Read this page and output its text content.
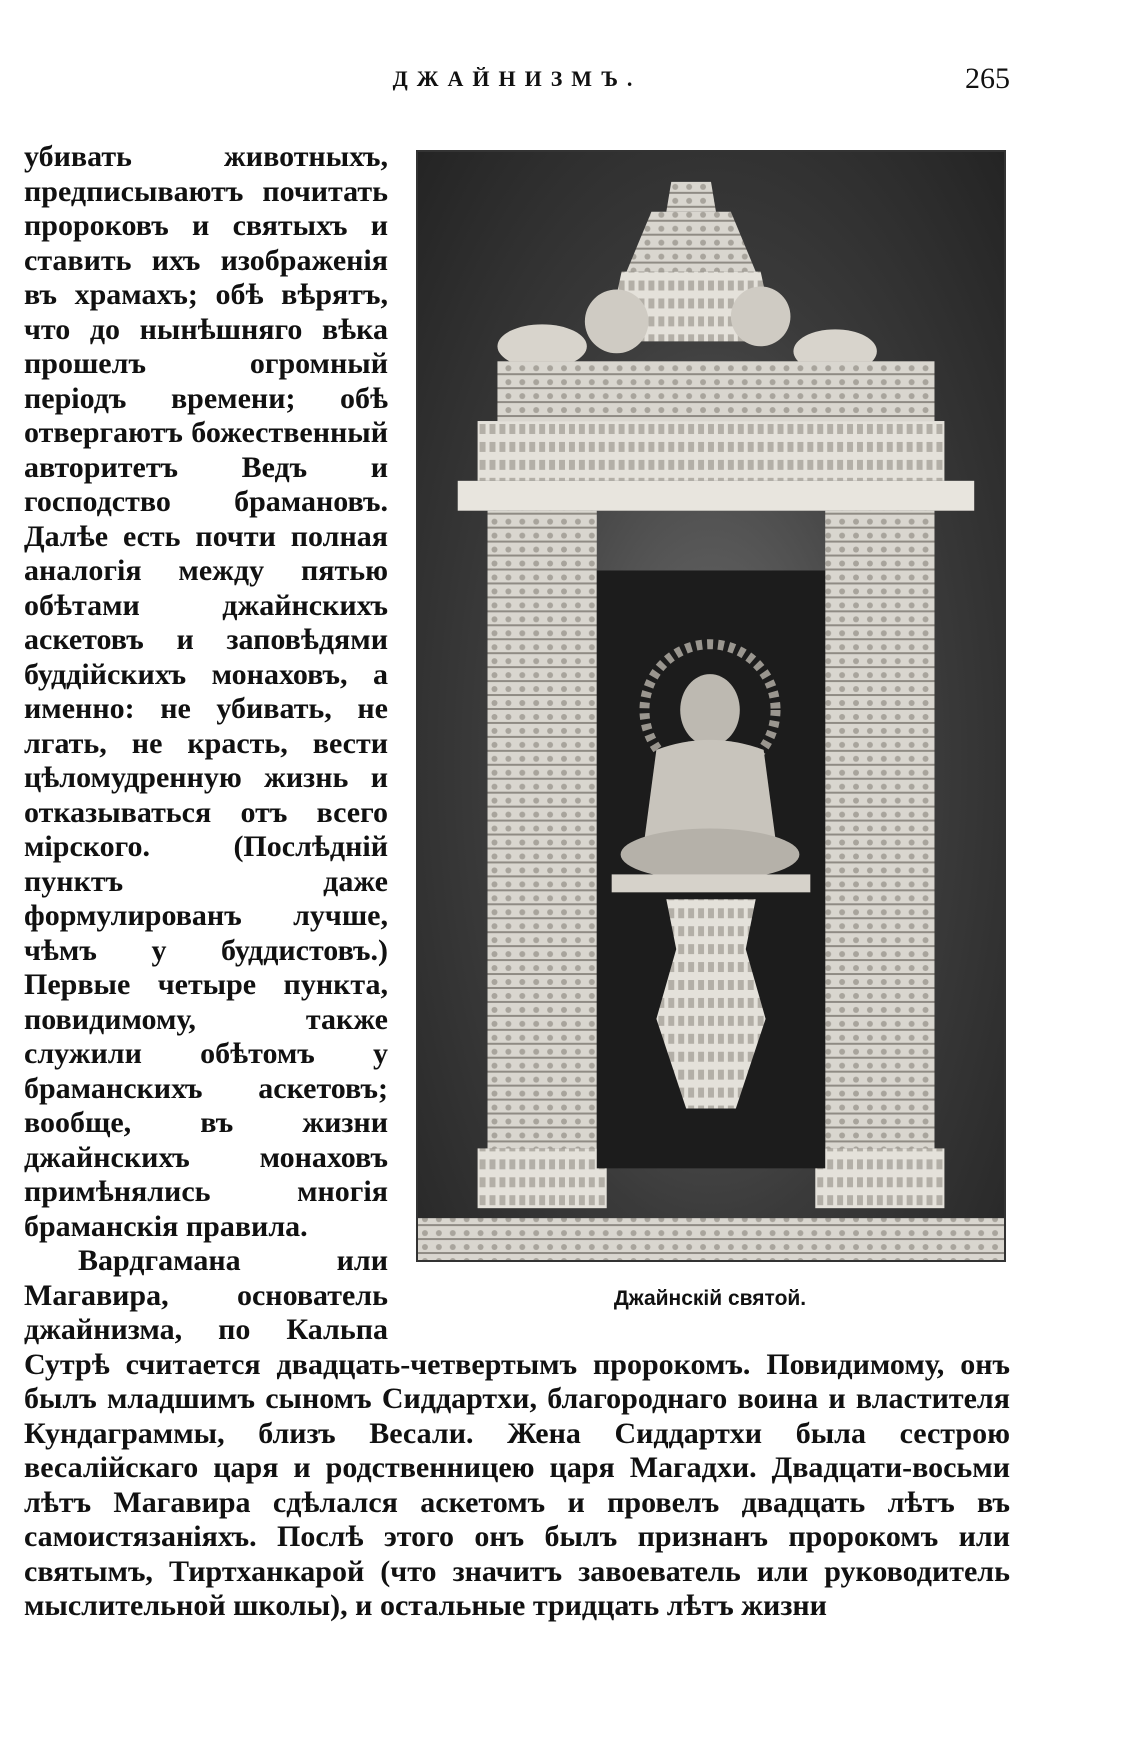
ДЖАЙНИЗМЪ.	265
Джайнскій святой.

убивать животныхъ, предписываютъ почитать пророковъ и святыхъ и ставить ихъ изображенія въ храмахъ; обѣ вѣрятъ, что до нынѣшняго вѣка прошелъ огромный періодъ времени; обѣ отвергаютъ божественный авторитетъ Ведъ и господство брамановъ. Далѣе есть почти полная аналогія между пятью обѣтами джайнскихъ аскетовъ и заповѣдями буддійскихъ монаховъ, а именно: не убивать, не лгать, не красть, вести цѣломудренную жизнь и отказываться отъ всего мірского. (Послѣдній пунктъ даже формулированъ лучше, чѣмъ у буддистовъ.) Первые четыре пункта, повидимому, также служили обѣтомъ у браманскихъ аскетовъ; вообще, въ жизни джайнскихъ монаховъ примѣнялись многія браманскія правила.

Вардгамана или Магавира, основатель джайнизма, по Кальпа Сутрѣ считается двадцать-четвертымъ пророкомъ. Повидимому, онъ былъ младшимъ сыномъ Сиддартхи, благороднаго воина и властителя Кундаграммы, близъ Весали. Жена Сиддартхи была сестрою весалійскаго царя и родственницею царя Магадхи. Двадцати-восьми лѣтъ Магавира сдѣлался аскетомъ и провелъ двадцать лѣтъ въ самоистязаніяхъ. Послѣ этого онъ былъ признанъ пророкомъ или святымъ, Тиртханкарой (что значитъ завоеватель или руководитель мыслительной школы), и остальные тридцать лѣтъ жизни
